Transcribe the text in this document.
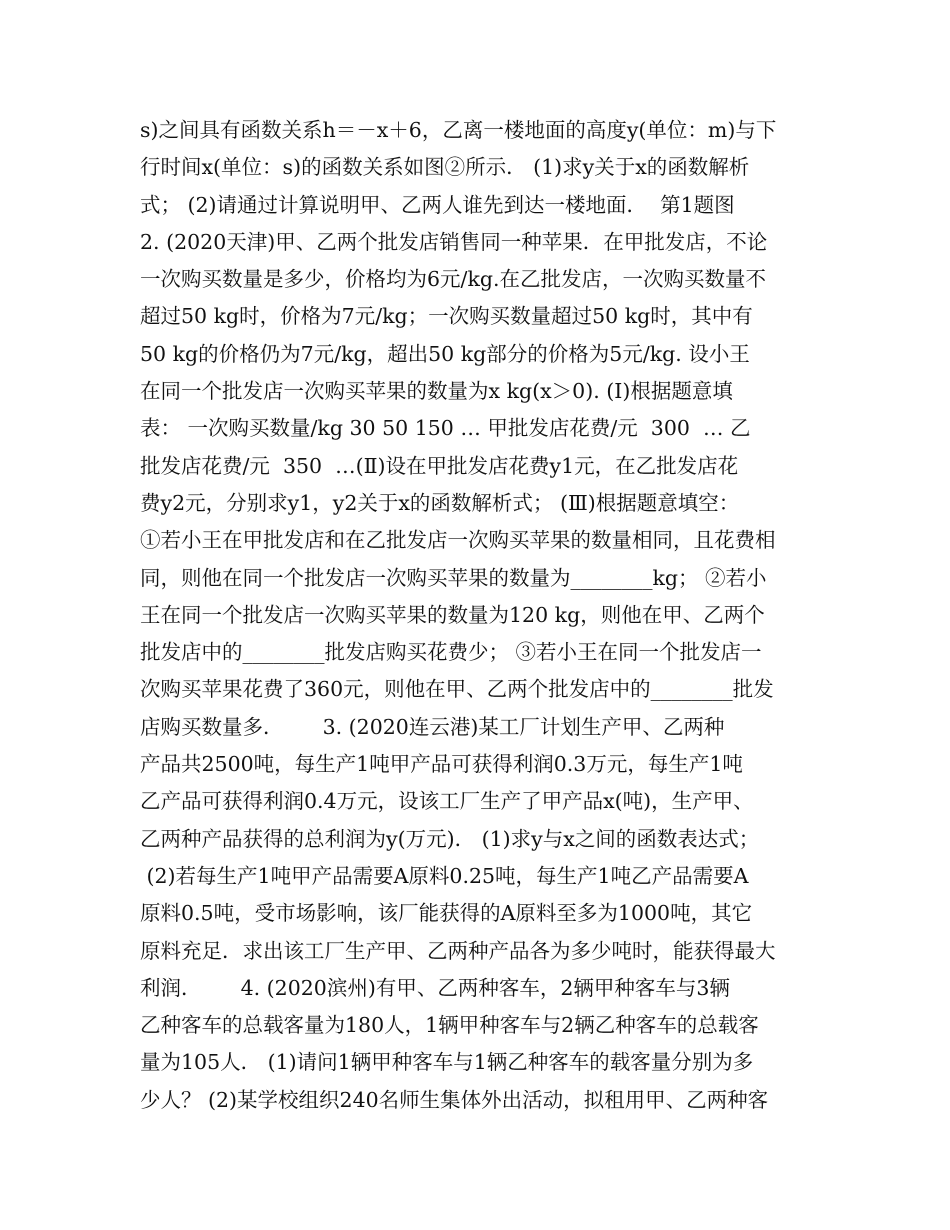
s)之间具有函数关系h＝－x＋6，乙离一楼地面的高度y(单位：m)与下
行时间x(单位：s)的函数关系如图②所示． (1)求y关于x的函数解析
式； (2)请通过计算说明甲、乙两人谁先到达一楼地面．  第1题图
2. (2020天津)甲、乙两个批发店销售同一种苹果．在甲批发店，不论
一次购买数量是多少，价格均为6元/kg.在乙批发店，一次购买数量不
超过50 kg时，价格为7元/kg；一次购买数量超过50 kg时，其中有
50 kg的价格仍为7元/kg，超出50 kg部分的价格为5元/kg. 设小王
在同一个批发店一次购买苹果的数量为x kg(x＞0). (Ⅰ)根据题意填
表： 一次购买数量/kg 30 50 150 … 甲批发店花费/元  300  … 乙
批发店花费/元  350  …(Ⅱ)设在甲批发店花费y1元，在乙批发店花
费y2元，分别求y1，y2关于x的函数解析式； (Ⅲ)根据题意填空：
①若小王在甲批发店和在乙批发店一次购买苹果的数量相同，且花费相
同，则他在同一个批发店一次购买苹果的数量为________kg； ②若小
王在同一个批发店一次购买苹果的数量为120 kg，则他在甲、乙两个
批发店中的________批发店购买花费少； ③若小王在同一个批发店一
次购买苹果花费了360元，则他在甲、乙两个批发店中的________批发
店购买数量多．      3. (2020连云港)某工厂计划生产甲、乙两种
产品共2500吨，每生产1吨甲产品可获得利润0.3万元，每生产1吨
乙产品可获得利润0.4万元，设该工厂生产了甲产品x(吨)，生产甲、
乙两种产品获得的总利润为y(万元)． (1)求y与x之间的函数表达式；
(2)若每生产1吨甲产品需要A原料0.25吨，每生产1吨乙产品需要A
原料0.5吨，受市场影响，该厂能获得的A原料至多为1000吨，其它
原料充足．求出该工厂生产甲、乙两种产品各为多少吨时，能获得最大
利润．      4. (2020滨州)有甲、乙两种客车，2辆甲种客车与3辆
乙种客车的总载客量为180人，1辆甲种客车与2辆乙种客车的总载客
量为105人． (1)请问1辆甲种客车与1辆乙种客车的载客量分别为多
少人？ (2)某学校组织240名师生集体外出活动，拟租用甲、乙两种客
